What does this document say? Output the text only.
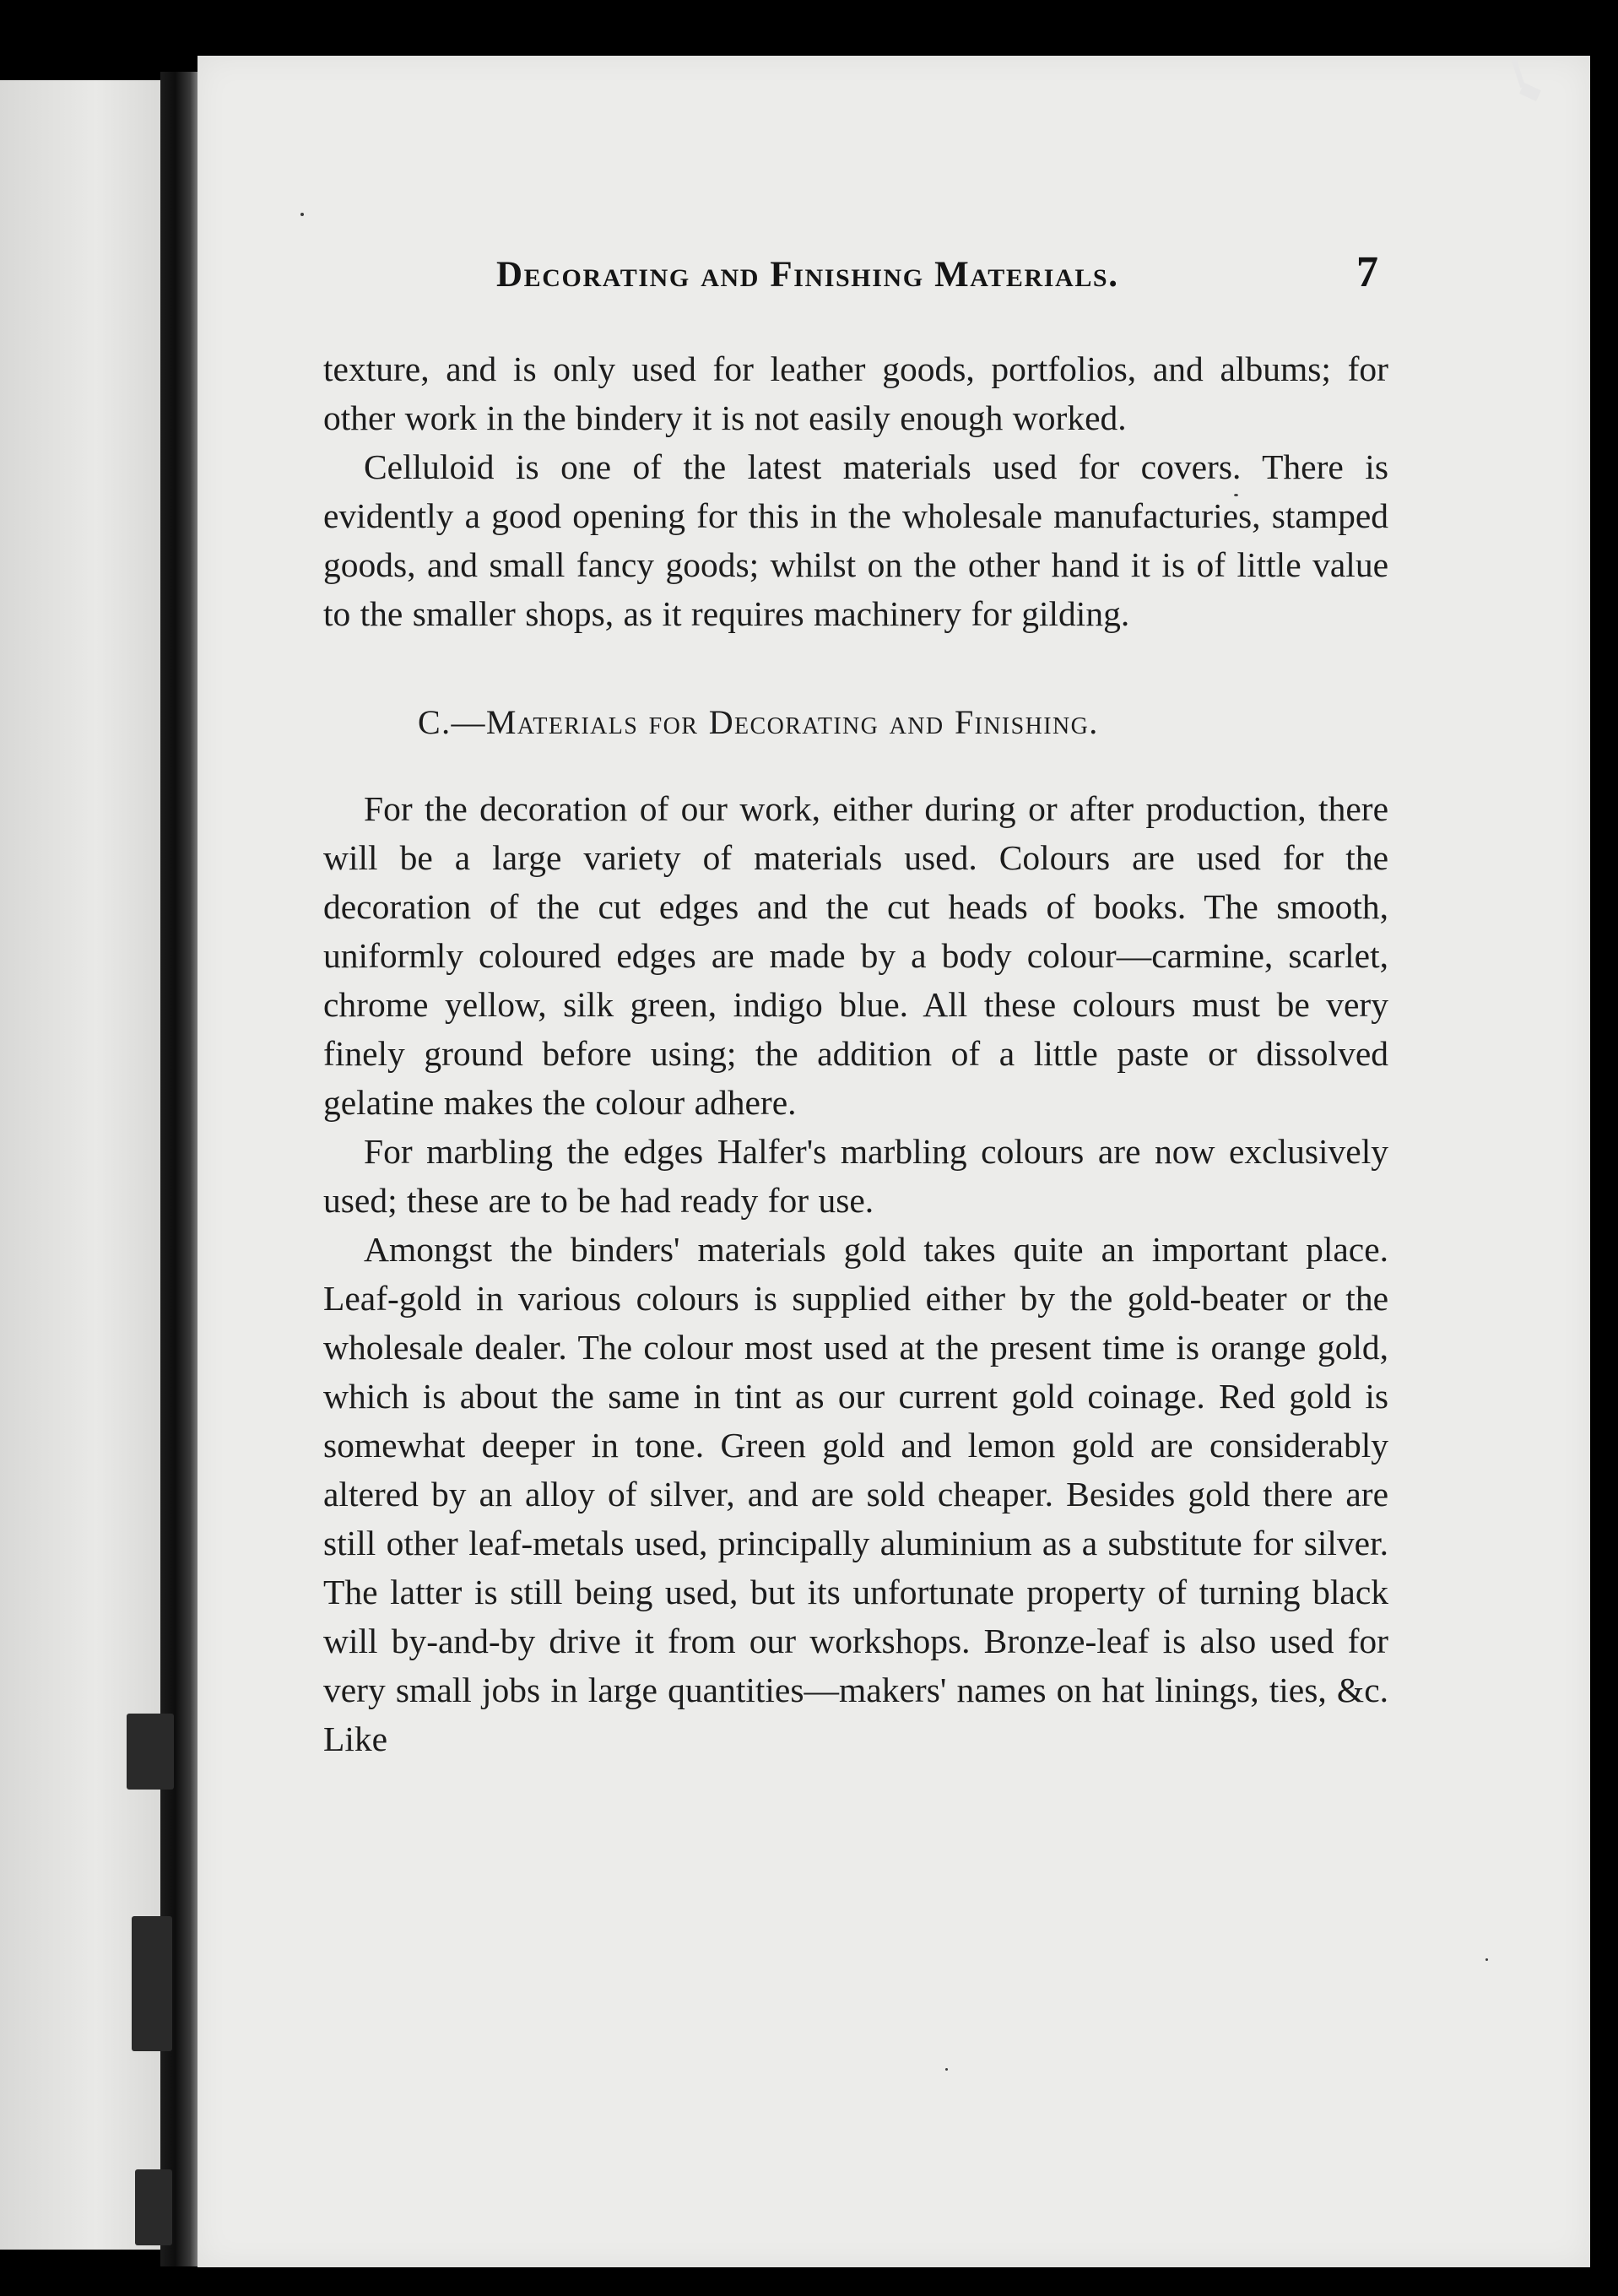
Decorating and Finishing Materials.	7

texture, and is only used for leather goods, portfolios, and albums; for other work in the bindery it is not easily enough worked.

Celluloid is one of the latest materials used for covers. There is evidently a good opening for this in the wholesale manufacturies, stamped goods, and small fancy goods; whilst on the other hand it is of little value to the smaller shops, as it requires machinery for gilding.

C.—Materials for Decorating and Finishing.

For the decoration of our work, either during or after production, there will be a large variety of materials used. Colours are used for the decoration of the cut edges and the cut heads of books. The smooth, uniformly coloured edges are made by a body colour—carmine, scarlet, chrome yellow, silk green, indigo blue. All these colours must be very finely ground before using; the addition of a little paste or dissolved gelatine makes the colour adhere.

For marbling the edges Halfer's marbling colours are now exclusively used; these are to be had ready for use.

Amongst the binders' materials gold takes quite an important place. Leaf-gold in various colours is supplied either by the gold-beater or the wholesale dealer. The colour most used at the present time is orange gold, which is about the same in tint as our current gold coinage. Red gold is somewhat deeper in tone. Green gold and lemon gold are considerably altered by an alloy of silver, and are sold cheaper. Besides gold there are still other leaf-metals used, principally aluminium as a substitute for silver. The latter is still being used, but its unfortunate property of turning black will by-and-by drive it from our workshops. Bronze-leaf is also used for very small jobs in large quantities—makers' names on hat linings, ties, &c. Like
